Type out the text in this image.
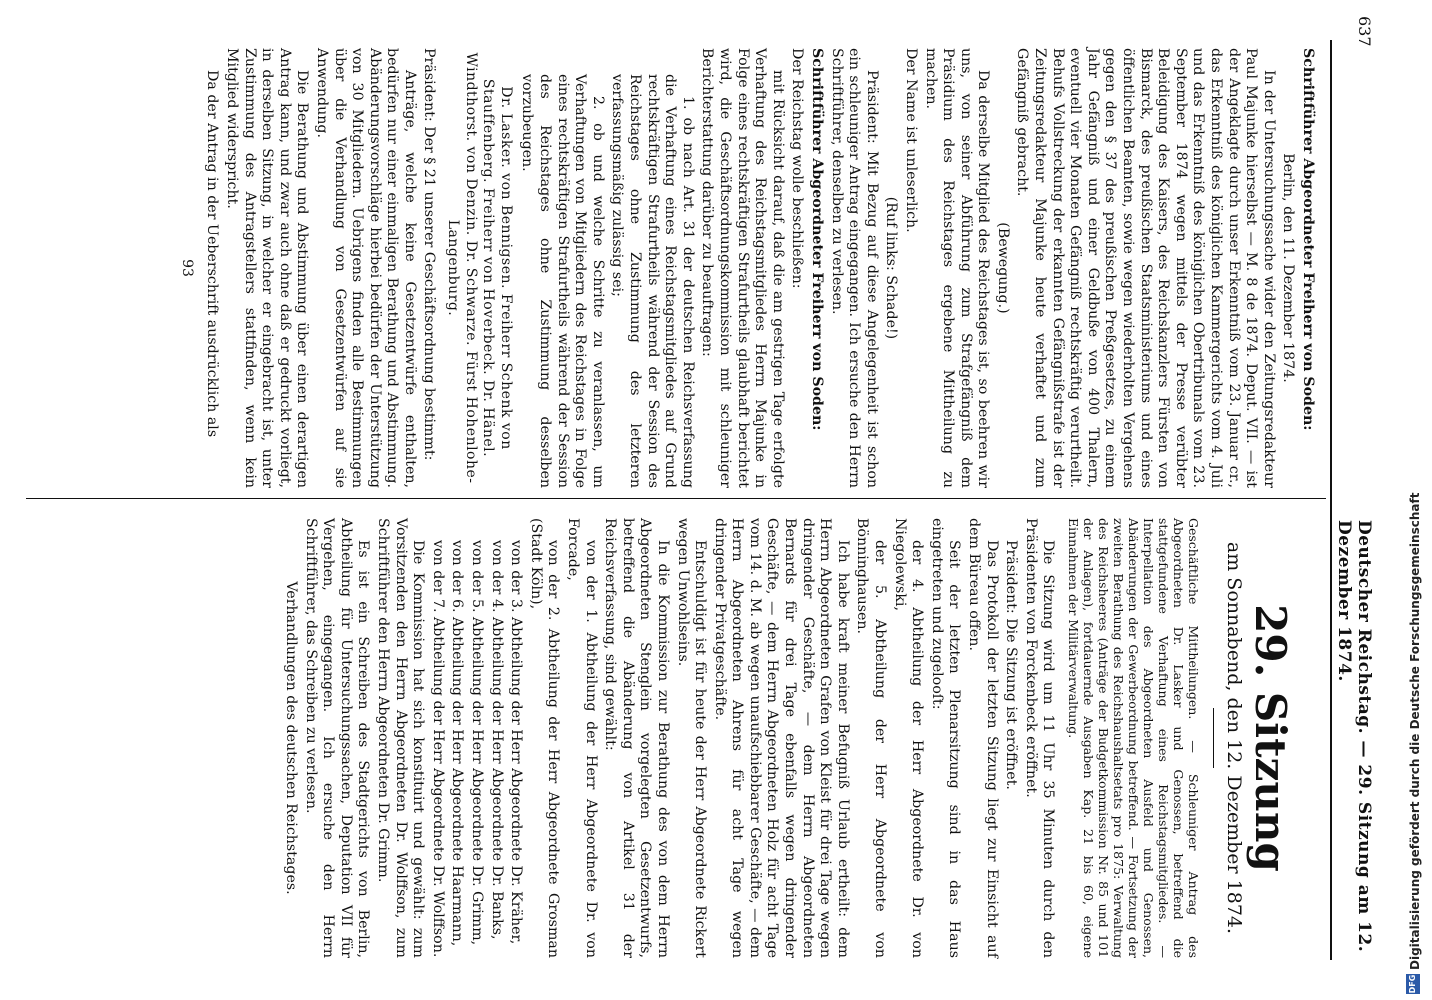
637
Deutscher Reichstag. — 29. Sitzung am 12. Dezember 1874.
29. Sitzung
am Sonnabend, den 12. Dezember 1874.
Geschäftliche Mittheilungen. — Schleuniger Antrag des Abgeordneten Dr. Lasker und Genossen, betreffend die stattgefundene Verhaftung eines Reichstagsmitgliedes. — Interpellation des Abgeordneten Ausfeld und Genossen, Abänderungen der Gewerbeordnung betreffend. — Fortsetzung der zweiten Berathung des Reichshaushaltsetats pro 1875: Verwaltung des Reichsheeres (Anträge der Budgetkommission Nr. 85 und 101 der Anlagen), fortdauernde Ausgaben Kap. 21 bis 60, eigene Einnahmen der Militärverwaltung.

Die Sitzung wird um 11 Uhr 35 Minuten durch den Präsidenten von Forckenbeck eröffnet.

Präsident: Die Sitzung ist eröffnet.

Das Protokoll der letzten Sitzung liegt zur Einsicht auf dem Büreau offen.

Seit der letzten Plenarsitzung sind in das Haus eingetreten und zugelooſt:

der 4. Abtheilung der Herr Abgeordnete Dr. von Niegolewski,

der 5. Abtheilung der Herr Abgeordnete von Bönninghausen.

Ich habe kraft meiner Befugniß Urlaub ertheilt: dem Herrn Abgeordneten Grafen von Kleist für drei Tage wegen dringender Geschäfte, — dem Herrn Abgeordneten Bernards für drei Tage ebenfalls wegen dringender Geschäfte, — dem Herrn Abgeordneten Holz für acht Tage vom 14. d. M. ab wegen unaufschiebbarer Geschäfte, — dem Herrn Abgeordneten Ahrens für acht Tage wegen dringender Privatgeschäfte.

Entschuldigt ist für heute der Herr Abgeordnete Rickert wegen Unwohlseins.

In die Kommission zur Berathung des von dem Herrn Abgeordneten Stenglein vorgelegten Gesetzentwurfs, betreffend die Abänderung von Artikel 31 der Reichsverfassung, sind gewählt:

von der 1. Abtheilung der Herr Abgeordnete Dr. von Forcade,

von der 2. Abtheilung der Herr Abgeordnete Grosman (Stadt Köln),

von der 3. Abtheilung der Herr Abgeordnete Dr. Kräher,

von der 4. Abtheilung der Herr Abgeordnete Dr. Banks,

von der 5. Abtheilung der Herr Abgeordnete Dr. Grimm,

von der 6. Abtheilung der Herr Abgeordnete Haarmann,

von der 7. Abtheilung der Herr Abgeordnete Dr. Wolffson.

Die Kommission hat sich konstituirt und gewählt: zum Vorsitzenden den Herrn Abgeordneten Dr. Wolffson, zum Schriftführer den Herrn Abgeordneten Dr. Grimm.

Es ist ein Schreiben des Stadtgerichts von Berlin, Abtheilung für Untersuchungssachen, Deputation VII für Vergehen, eingegangen. Ich ersuche den Herrn Schriftführer, das Schreiben zu verlesen.

Verhandlungen des deutschen Reichstages.

Schriftführer Abgeordneter Freiherr von Soden:

Berlin, den 11. Dezember 1874.

In der Untersuchungssache wider den Zeitungsredakteur Paul Majunke hierselbst — M. 8 de 1874. Deput. VII. — ist der Angeklagte durch unser Erkenntniß vom 23. Januar cr., das Erkenntniß des königlichen Kammergerichts vom 4. Juli und das Erkenntniß des königlichen Obertribunals vom 23. September 1874 wegen mittels der Presse verübter Beleidigung des Kaisers, des Reichskanzlers Fürsten von Bismarck, des preußischen Staatsministeriums und eines öffentlichen Beamten, sowie wegen wiederholten Vergehens gegen den § 37 des preußischen Preßgesetzes, zu einem Jahr Gefängniß und einer Geldbuße von 400 Thalern, eventuell vier Monaten Gefängniß rechtskräftig verurtheilt. Behufs Vollstreckung der erkannten Gefängnißstrafe ist der Zeitungsredakteur Majunke heute verhaftet und zum Gefängniß gebracht.

(Bewegung.)

Da derselbe Mitglied des Reichstages ist, so beehren wir uns, von seiner Abführung zum Strafgefängniß dem Präsidium des Reichstages ergebene Mittheilung zu machen.

Der Name ist unleserlich.

(Ruf links: Schade!)

Präsident: Mit Bezug auf diese Angelegenheit ist schon ein schleuniger Antrag eingegangen. Ich ersuche den Herrn Schriftführer, denselben zu verlesen.

Schriftführer Abgeordneter Freiherr von Soden:

Der Reichstag wolle beschließen:

mit Rücksicht darauf, daß die am gestrigen Tage erfolgte Verhaftung des Reichstagsmitgliedes Herrn Majunke in Folge eines rechtskräftigen Strafurtheils glaubhaft berichtet wird, die Geschäftsordnungskommission mit schleuniger Berichterstattung darüber zu beauftragen:

1. ob nach Art. 31 der deutschen Reichsverfassung die Verhaftung eines Reichstagsmitgliedes auf Grund rechtskräftigen Strafurtheils während der Session des Reichstages ohne Zustimmung des letzteren verfassungsmäßig zulässig sei;

2. ob und welche Schritte zu veranlassen, um Verhaftungen von Mitgliedern des Reichstages in Folge eines rechtskräftigen Strafurtheils während der Session des Reichstages ohne Zustimmung desselben vorzubeugen.

Dr. Lasker. von Bennigsen. Freiherr Schenk von Stauffenberg. Freiherr von Hoverbeck. Dr. Hänel. Windthorst. von Denzin. Dr. Schwarze. Fürst Hohenlohe-Langenburg.

Präsident: Der § 21 unserer Geschäftsordnung bestimmt:

Anträge, welche keine Gesetzentwürfe enthalten, bedürfen nur einer einmaligen Berathung und Abstimmung. Abänderungsvorschläge hierbei bedürfen der Unterstützung von 30 Mitgliedern. Uebrigens finden alle Bestimmungen über die Verhandlung von Gesetzentwürfen auf sie Anwendung.

Die Berathung und Abstimmung über einen derartigen Antrag kann, und zwar auch ohne daß er gedruckt vorliegt, in derselben Sitzung, in welcher er eingebracht ist, unter Zustimmung des Antragstellers stattfinden, wenn kein Mitglied widerspricht.

Da der Antrag in der Ueberschrift ausdrücklich als

93
DFG
Digitalisierung gefördert durch die Deutsche Forschungsgemeinschaft
